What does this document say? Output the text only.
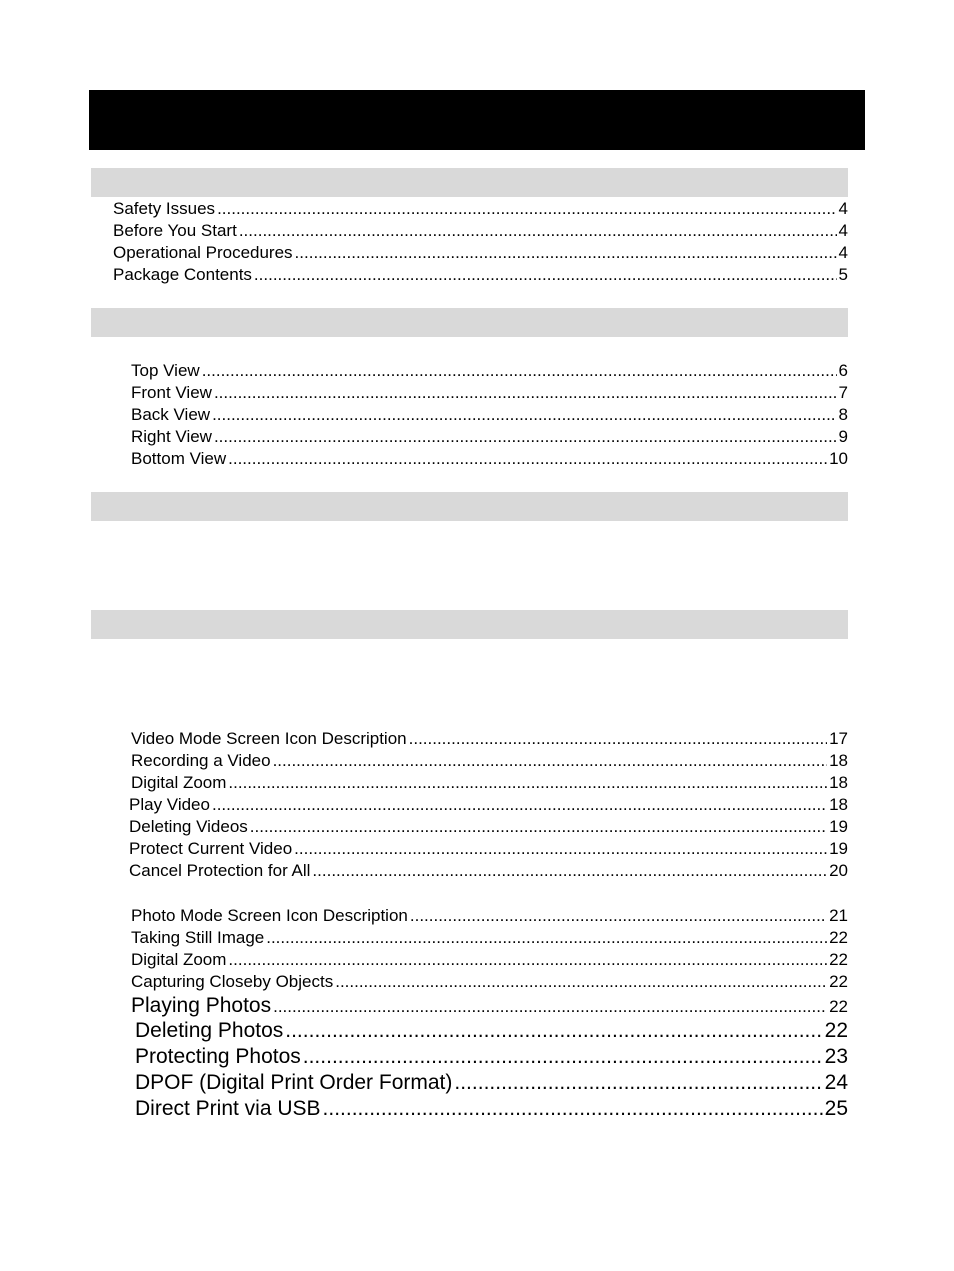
Safety Issues .....	4
Before You Start .....	4
Operational Procedures .....	4
Package Contents .....	5
Top View .....	6
Front View .....	7
Back View .....	8
Right View .....	9
Bottom View .....	10
Video Mode Screen Icon Description .....	17
Recording a Video .....	18
Digital Zoom .....	18
Play Video .....	18
Deleting Videos .....	19
Protect Current Video .....	19
Cancel Protection for All .....	20
Photo Mode Screen Icon Description .....	21
Taking Still Image .....	22
Digital Zoom .....	22
Capturing Closeby Objects .....	22
Playing Photos .....	22
Deleting Photos .....	22
Protecting Photos .....	23
DPOF (Digital Print Order Format) .....	24
Direct Print via USB .....	25
